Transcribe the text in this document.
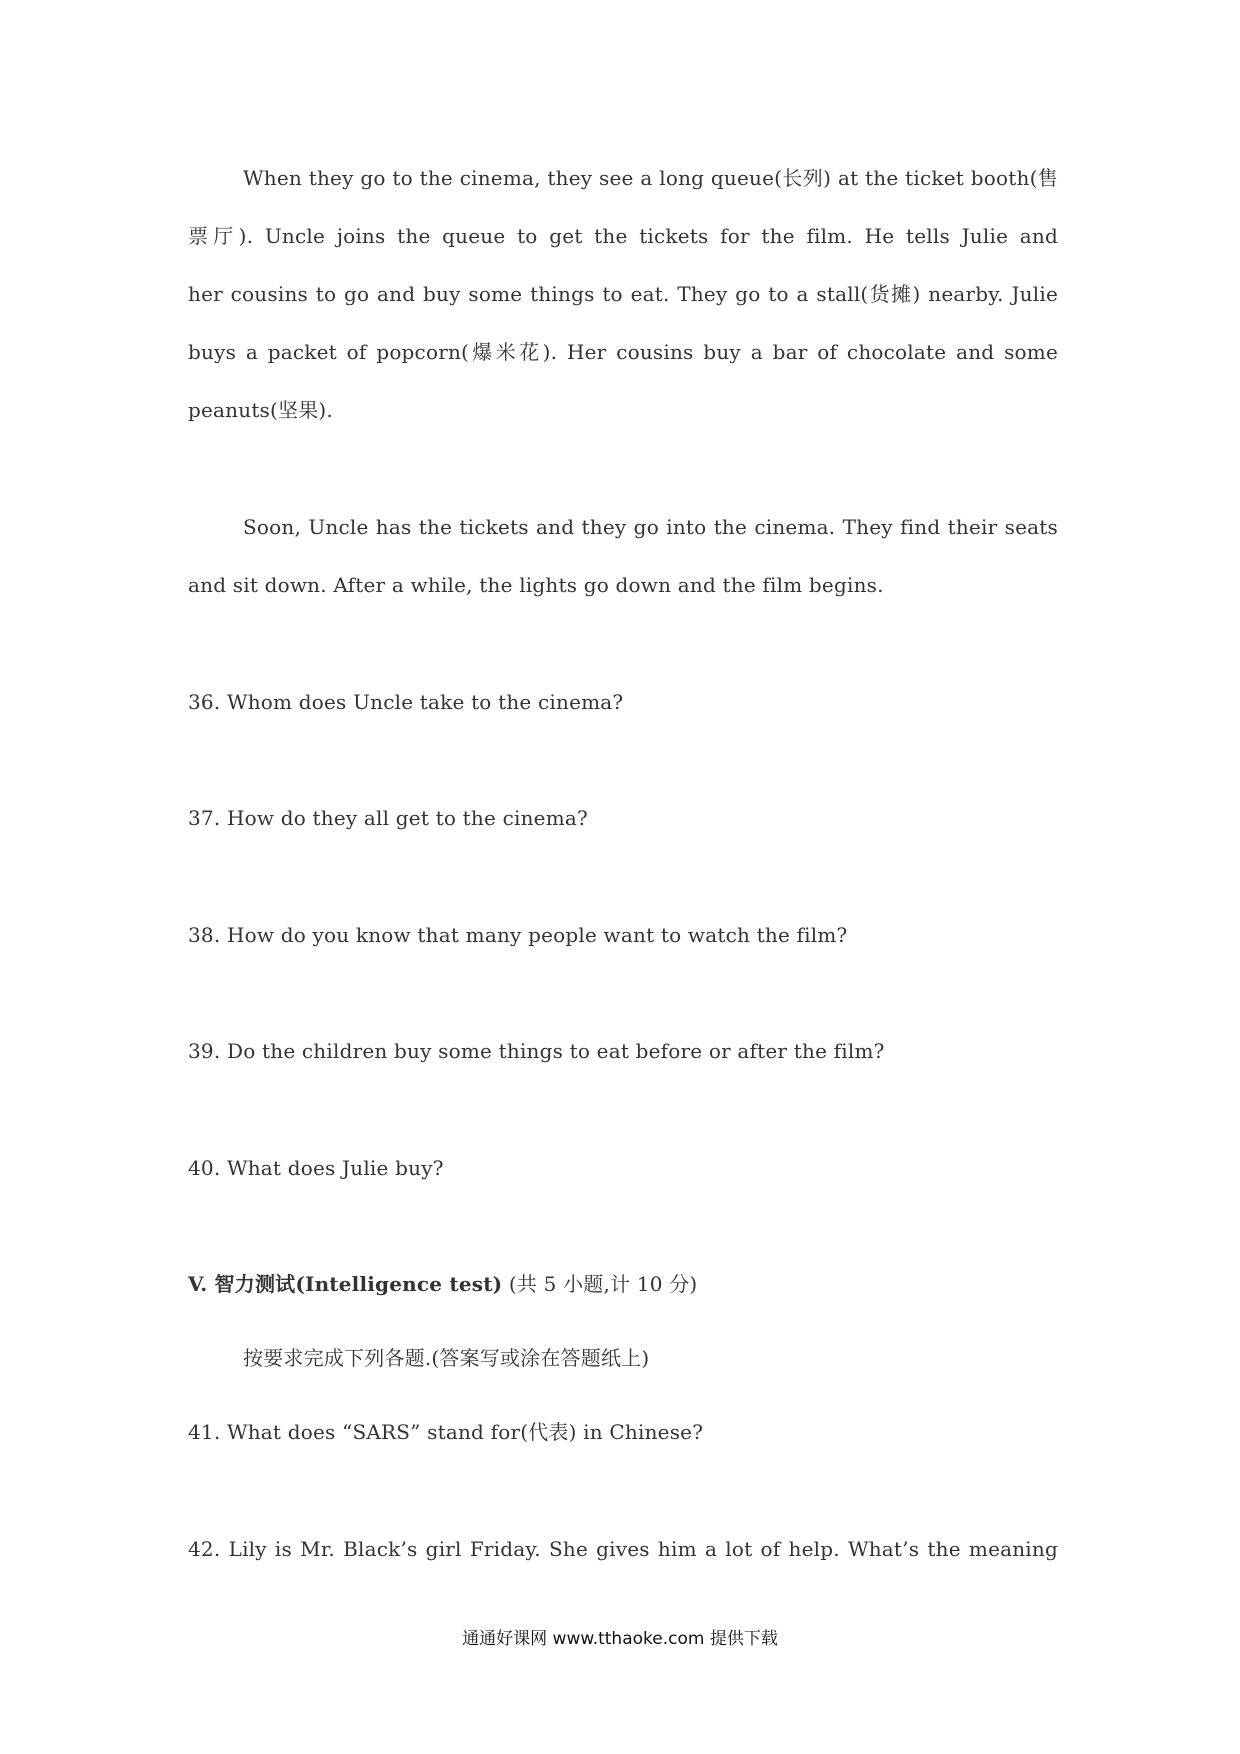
When they go to the cinema, they see a long queue(长列) at the ticket booth(售
票厅). Uncle joins the queue to get the tickets for the film. He tells Julie and
her cousins to go and buy some things to eat. They go to a stall(货摊) nearby. Julie
buys a packet of popcorn(爆米花). Her cousins buy a bar of chocolate and some
peanuts(坚果).
Soon, Uncle has the tickets and they go into the cinema. They find their seats
and sit down. After a while, the lights go down and the film begins.
36. Whom does Uncle take to the cinema?
37. How do they all get to the cinema?
38. How do you know that many people want to watch the film?
39. Do the children buy some things to eat before or after the film?
40. What does Julie buy?
V. 智力测试(Intelligence test) (共 5 小题,计 10 分)
按要求完成下列各题.(答案写或涂在答题纸上)
41. What does “SARS” stand for(代表) in Chinese?
42. Lily is Mr. Black’s girl Friday. She gives him a lot of help. What’s the meaning
通通好课网 www.tthaoke.com 提供下载
